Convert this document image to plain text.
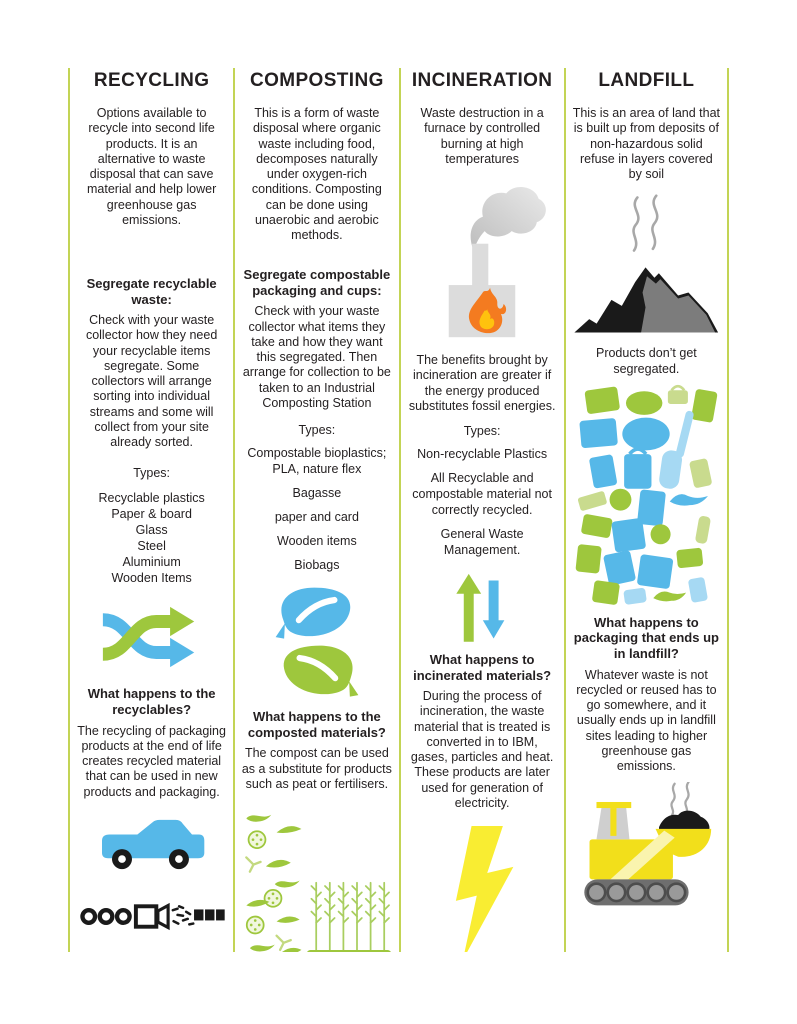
RECYCLING
Options available to recycle into second life products. It is an alternative to waste disposal that can save material and help lower greenhouse gas emissions.
Segregate recyclable waste:
Check with your waste collector how they need your recyclable items segregate. Some collectors will arrange sorting into individual streams and some will collect from your site already sorted.
Types:
Recyclable plastics
Paper & board
Glass
Steel
Aluminium
Wooden Items
What happens to the recyclables?
The recycling of packaging products at the end of life creates recycled material that can be used in new products and packaging.
COMPOSTING
This is a form of waste disposal where organic waste including food, decomposes naturally under oxygen-rich conditions. Composting can be done using unaerobic and aerobic methods.
Segregate compostable packaging and cups:
Check with your waste collector what items they take and how they want this segregated. Then arrange for collection to be taken to an Industrial Composting Station
Types:
Compostable bioplastics; PLA, nature flex
Bagasse
paper and card
Wooden items
Biobags
What happens to the composted materials?
The compost can be used as a substitute for products such as peat or fertilisers.
INCINERATION
Waste destruction in a furnace by controlled burning at high temperatures
The benefits brought by incineration are greater if the energy produced substitutes fossil energies.
Types:
Non-recyclable Plastics
All Recyclable and compostable material not correctly recycled.
General Waste Management.
What happens to incinerated materials?
During the process of incineration, the waste material that is treated is converted in to IBM, gases, particles and heat. These products are later used for generation of electricity.
LANDFILL
This is an area of land that is built up from deposits of non-hazardous solid refuse in layers covered by soil
Products don’t get segregated.
What happens to packaging that ends up in landfill?
Whatever waste is not recycled or reused has to go somewhere, and it usually ends up in landfill sites leading to higher greenhouse gas emissions.
